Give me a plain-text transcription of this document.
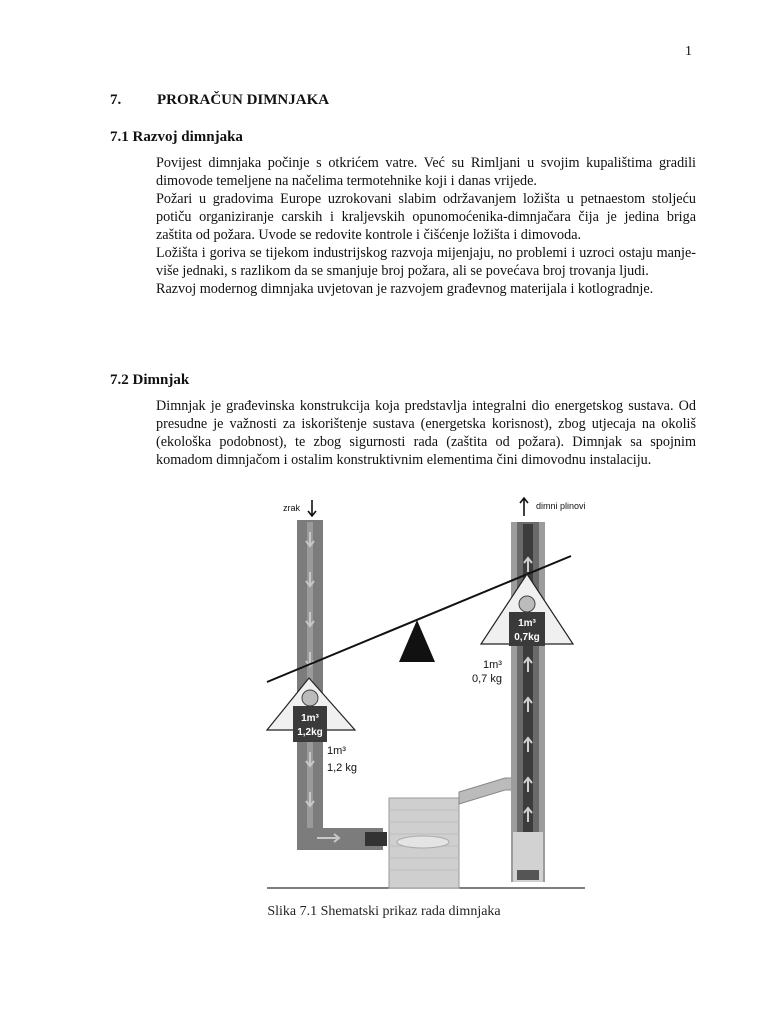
1
7. PRORAČUN DIMNJAKA
7.1 Razvoj dimnjaka

Povijest dimnjaka počinje s otkrićem vatre. Već su Rimljani u svojim kupalištima gradili dimovode temeljene na načelima termotehnike koji i danas vrijede.

Požari u gradovima Europe uzrokovani slabim održavanjem ložišta u petnaestom stoljeću potiču organiziranje carskih i kraljevskih opunomoćenika-dimnjačara čija je jedina briga zaštita od požara. Uvode se redovite kontrole i čišćenje ložišta i dimovoda.

Ložišta i goriva se tijekom industrijskog razvoja mijenjaju, no problemi i uzroci ostaju manje-više jednaki, s razlikom da se smanjuje broj požara, ali se povećava broj trovanja ljudi.

Razvoj modernog dimnjaka uvjetovan je razvojem građevnog materijala i kotlogradnje.

7.2 Dimnjak

Dimnjak je građevinska konstrukcija koja predstavlja integralni dio energetskog sustava. Od presudne je važnosti za iskorištenje sustava (energetska korisnost), zbog utjecaja na okoliš (ekološka podobnost), te zbog sigurnosti rada (zaštita od požara). Dimnjak sa spojnim komadom dimnjačom i ostalim konstruktivnim elementima čini dimovodnu instalaciju.

1m³
1,2kg
1m³
0,7kg
zrak	dimni plinovi
1m³
1,2 kg
1m³
0,7 kg
Slika 7.1 Shematski prikaz rada dimnjaka
